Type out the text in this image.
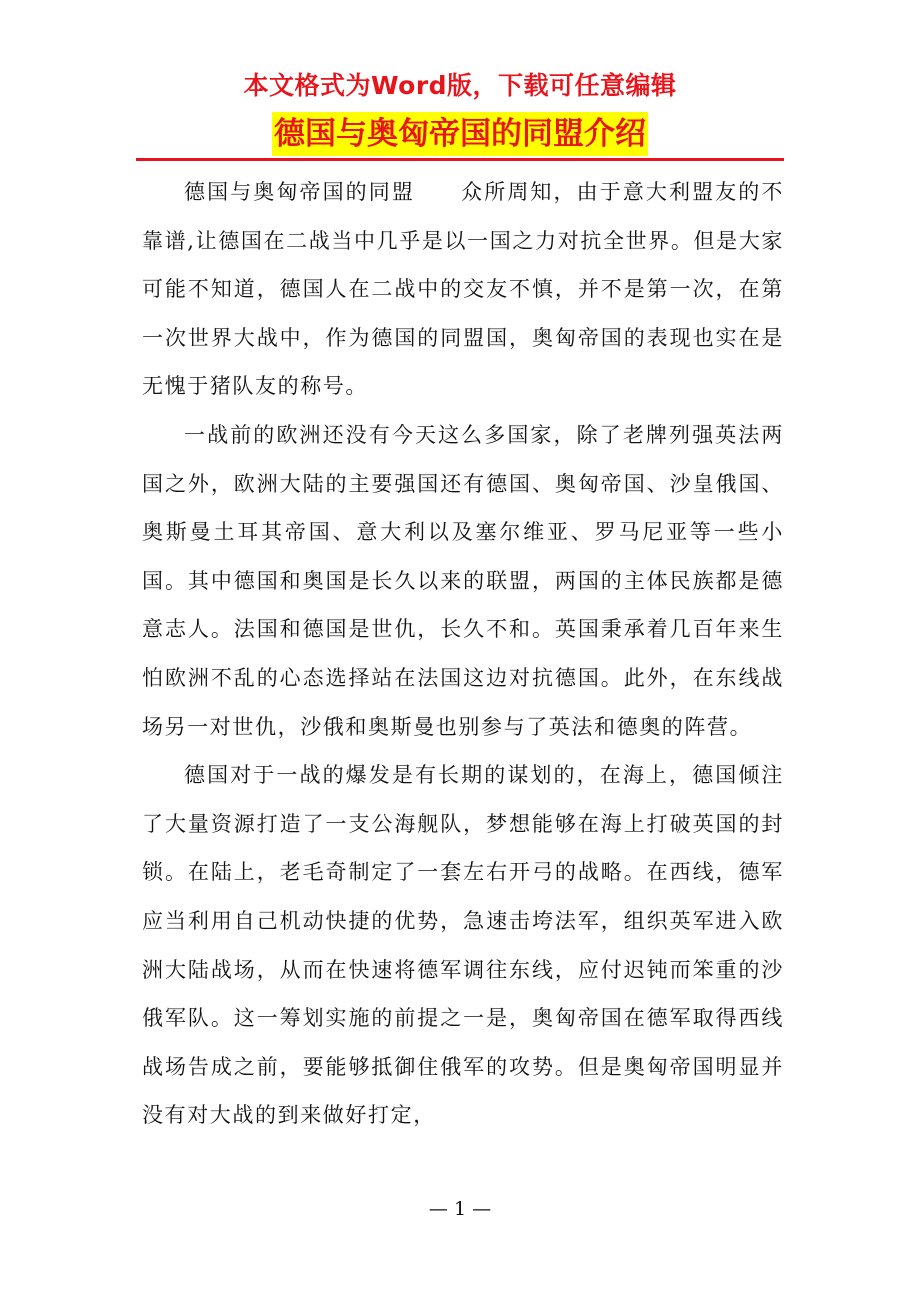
本文格式为Word版，下载可任意编辑
德国与奥匈帝国的同盟介绍

德国与奥匈帝国的同盟　　众所周知，由于意大利盟友的不靠谱,让德国在二战当中几乎是以一国之力对抗全世界。但是大家可能不知道，德国人在二战中的交友不慎，并不是第一次，在第一次世界大战中，作为德国的同盟国，奥匈帝国的表现也实在是无愧于猪队友的称号。

一战前的欧洲还没有今天这么多国家，除了老牌列强英法两国之外，欧洲大陆的主要强国还有德国、奥匈帝国、沙皇俄国、奥斯曼土耳其帝国、意大利以及塞尔维亚、罗马尼亚等一些小国。其中德国和奥国是长久以来的联盟，两国的主体民族都是德意志人。法国和德国是世仇，长久不和。英国秉承着几百年来生怕欧洲不乱的心态选择站在法国这边对抗德国。此外，在东线战场另一对世仇，沙俄和奥斯曼也别参与了英法和德奥的阵营。

德国对于一战的爆发是有长期的谋划的，在海上，德国倾注了大量资源打造了一支公海舰队，梦想能够在海上打破英国的封锁。在陆上，老毛奇制定了一套左右开弓的战略。在西线，德军应当利用自己机动快捷的优势，急速击垮法军，组织英军进入欧洲大陆战场，从而在快速将德军调往东线，应付迟钝而笨重的沙俄军队。这一筹划实施的前提之一是，奥匈帝国在德军取得西线战场告成之前，要能够抵御住俄军的攻势。但是奥匈帝国明显并没有对大战的到来做好打定，

— 1 —
